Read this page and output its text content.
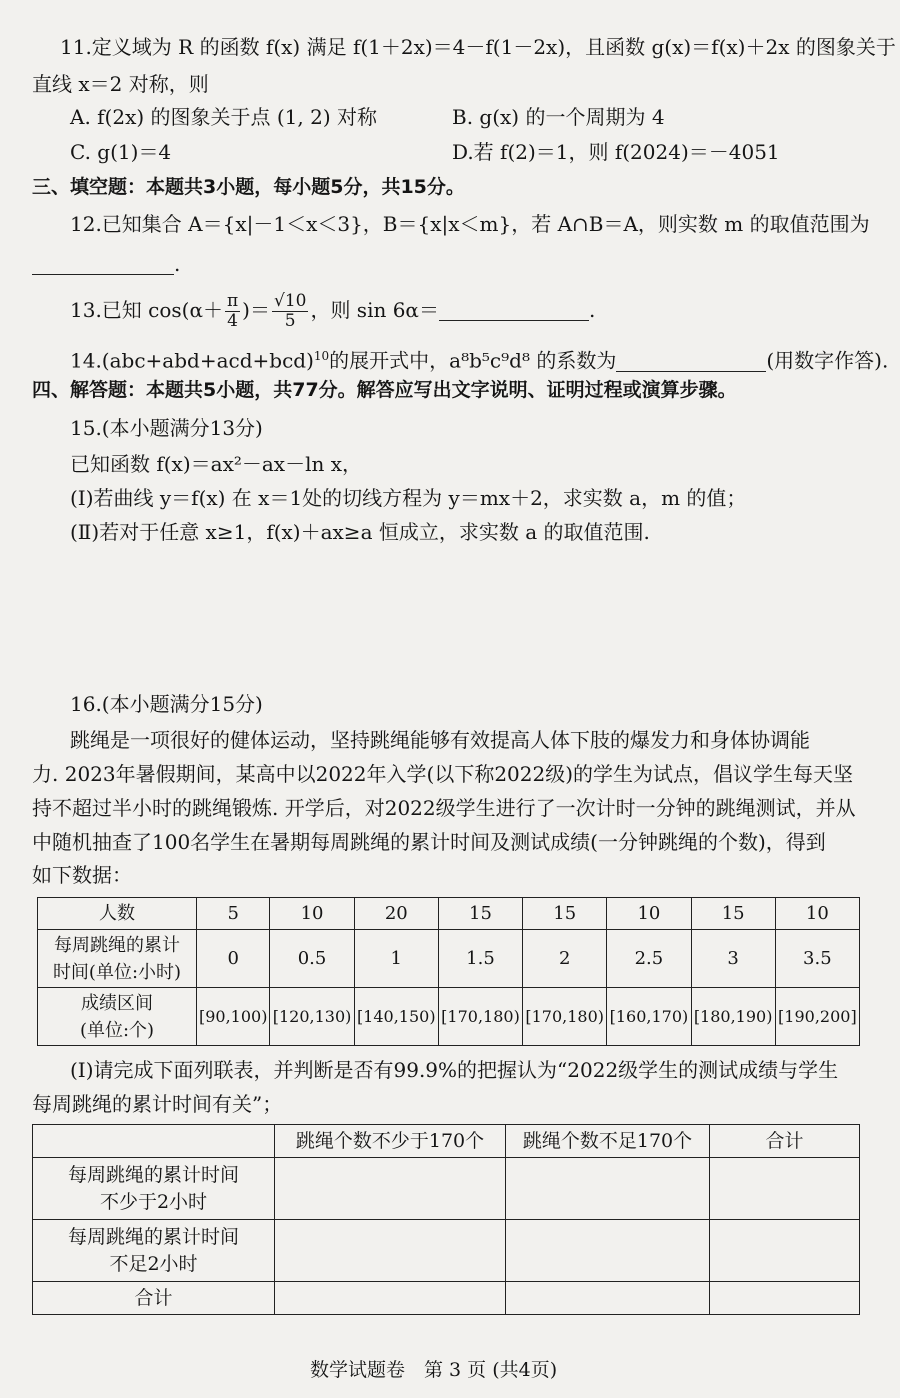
11.定义域为 R 的函数 f(x) 满足 f(1＋2x)＝4－f(1－2x)，且函数 g(x)＝f(x)＋2x 的图象关于
直线 x＝2 对称，则
A. f(2x) 的图象关于点 (1, 2) 对称	B. g(x) 的一个周期为 4
C. g(1)＝4	D.若 f(2)＝1，则 f(2024)＝－4051
三、填空题：本题共3小题，每小题5分，共15分。
12.已知集合 A＝{x|－1＜x＜3}，B＝{x|x＜m}，若 A∩B＝A，则实数 m 的取值范围为
.
13.已知 $\cos(\alpha+ \frac{\pi}{4}$ )＝ $\frac{√10}{5}$ ，则 sin 6α＝	.
$14.(abc+abd+acd+bcd)^{10}$的展开式中，a⁸b⁵c⁹d⁸ 的系数为	(用数字作答).
四、解答题：本题共5小题，共77分。解答应写出文字说明、证明过程或演算步骤。
15.(本小题满分13分)
已知函数 f(x)＝ax²－ax－ln x，
(Ⅰ)若曲线 y＝f(x) 在 x＝1处的切线方程为 y＝mx＋2，求实数 a，m 的值；
(Ⅱ)若对于任意 x≥1，f(x)＋ax≥a 恒成立，求实数 a 的取值范围.
16.(本小题满分15分)
跳绳是一项很好的健体运动，坚持跳绳能够有效提高人体下肢的爆发力和身体协调能
力. 2023年暑假期间，某高中以2022年入学(以下称2022级)的学生为试点，倡议学生每天坚
持不超过半小时的跳绳锻炼. 开学后，对2022级学生进行了一次计时一分钟的跳绳测试，并从
中随机抽查了100名学生在暑期每周跳绳的累计时间及测试成绩(一分钟跳绳的个数)，得到
如下数据：
人数	5	10	20	15	15	10	15	10

每周跳绳的累计
时间(单位:小时)	0	0.5	1	1.5	2	2.5	3	3.5

成绩区间
(单位:个)	[90,100)	[120,130)	[140,150)	[170,180)	[170,180)	[160,170)	[180,190)	[190,200]
(Ⅰ)请完成下面列联表，并判断是否有99.9%的把握认为“2022级学生的测试成绩与学生
每周跳绳的累计时间有关”；
	跳绳个数不少于170个	跳绳个数不足170个	合计

每周跳绳的累计时间
不少于2小时			

每周跳绳的累计时间
不足2小时			

合计			
数学试题卷　第 3 页 (共4页)
